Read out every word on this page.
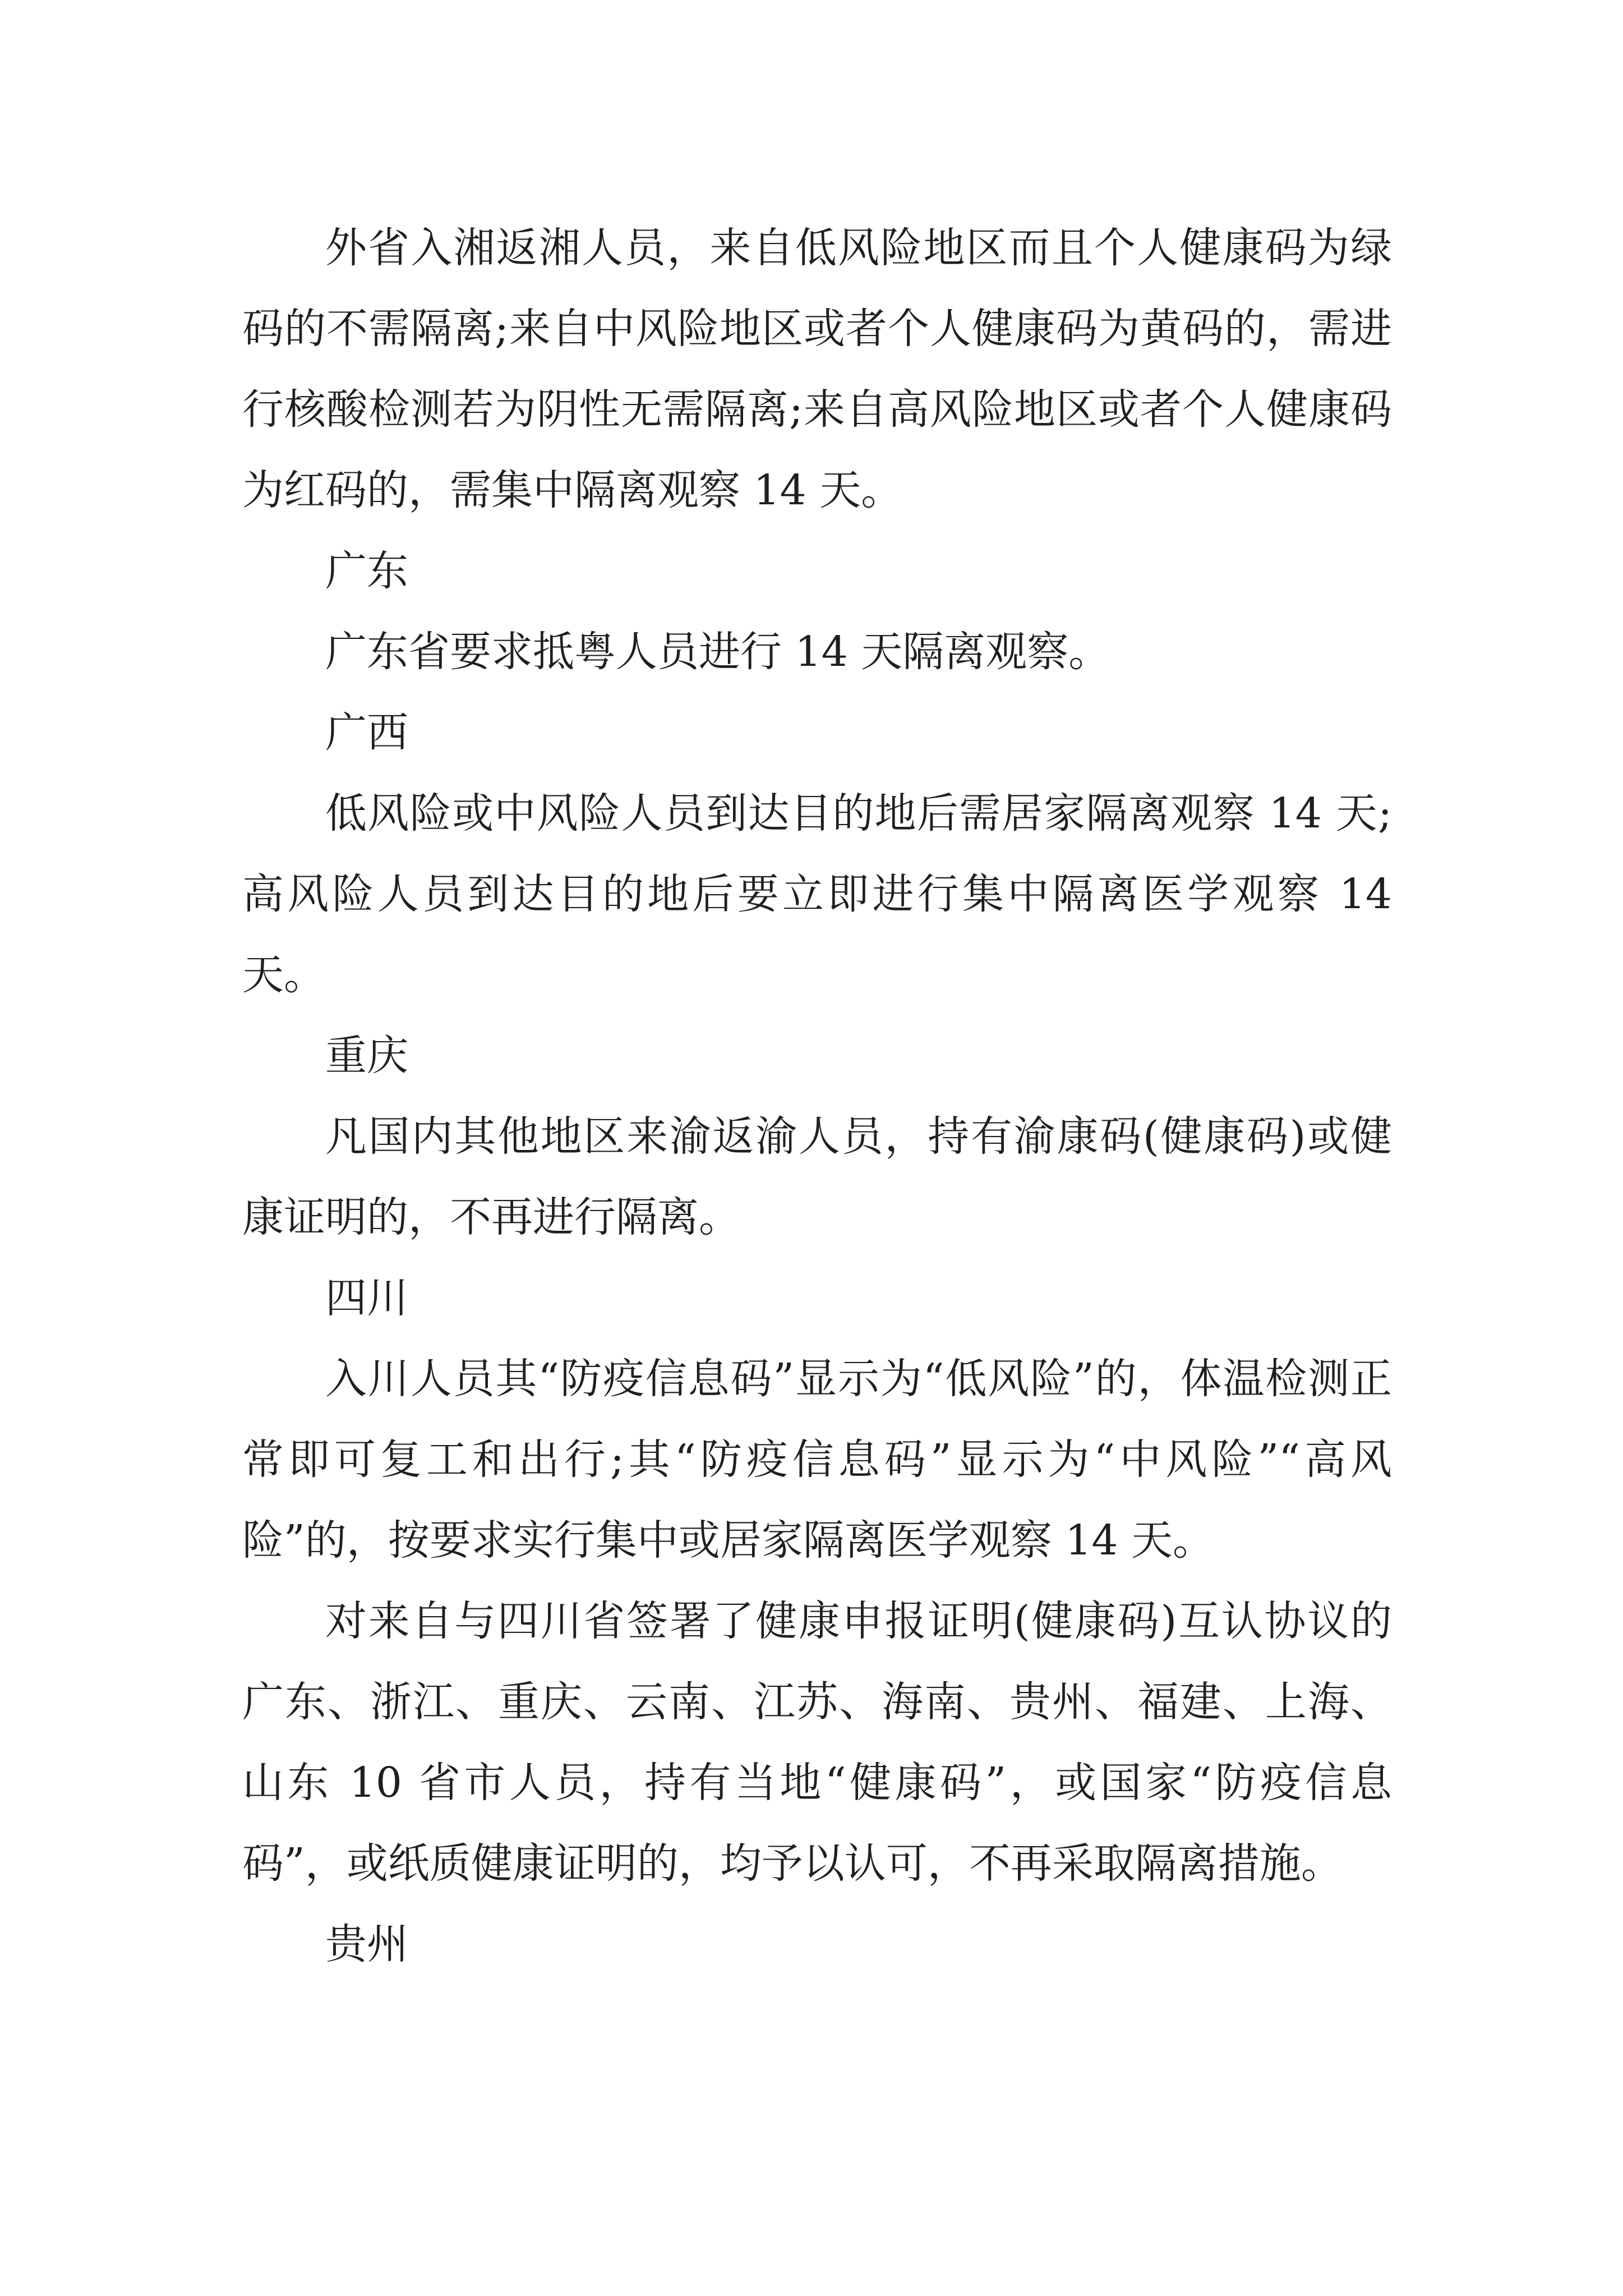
外省入湘返湘人员，来自低风险地区而且个人健康码为绿码的不需隔离;来自中风险地区或者个人健康码为黄码的，需进行核酸检测若为阴性无需隔离;来自高风险地区或者个人健康码为红码的，需集中隔离观察 14 天。

广东

广东省要求抵粤人员进行 14 天隔离观察。

广西

低风险或中风险人员到达目的地后需居家隔离观察 14 天;高风险人员到达目的地后要立即进行集中隔离医学观察 14 天。

重庆

凡国内其他地区来渝返渝人员，持有渝康码(健康码)或健康证明的，不再进行隔离。

四川

入川人员其“防疫信息码”显示为“低风险”的，体温检测正常即可复工和出行;其“防疫信息码”显示为“中风险”“高风险”的，按要求实行集中或居家隔离医学观察 14 天。

对来自与四川省签署了健康申报证明(健康码)互认协议的广东、浙江、重庆、云南、江苏、海南、贵州、福建、上海、山东 10 省市人员，持有当地“健康码”，或国家“防疫信息码”，或纸质健康证明的，均予以认可，不再采取隔离措施。

贵州
